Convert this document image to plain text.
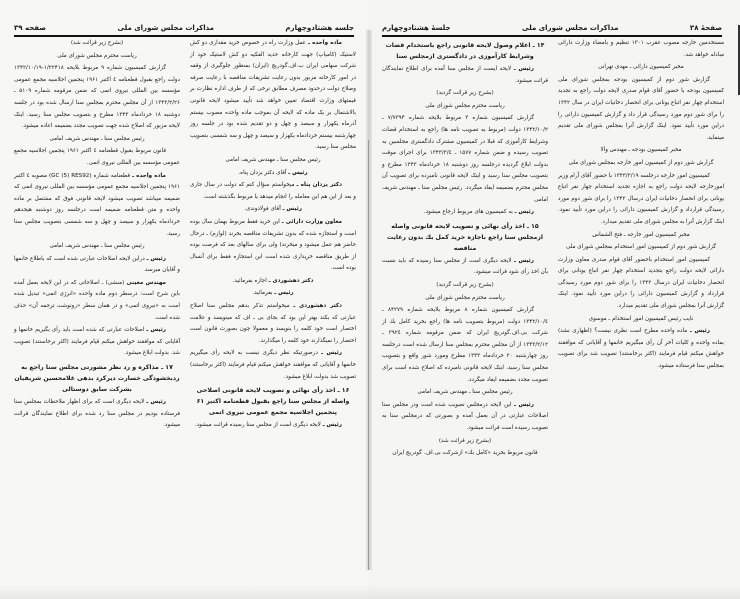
جلسه هشتادوچهارم
مذاکرات مجلس شورای ملی
صفحه ۳۹

ماده واحده ـ عمل وزارت راه در خصوص خرید مقداری دو کش لاستیک (کامیاپ) جهت کارخانه حدید الفکیه دو کش لاستیک خود از شرکت سهامی ایران ب.اف.گودریچ (ایران) بمنظور جلوگیری از وقفه در امور کارخانه مزبور بدون رعایت تشریفات مناقصه با رعایت صرفه وصلاح دولت درحدود مصرف مطابق نرخی که از طرف اداره نظارت بر قیمتهای وزارت اقتصاد تعیین خواهد شد تأیید میشود لایحه قانونی بالاشتمال بر یک ماده که لایحه آن بموجب ماده واحده مصوب بیستم آذرماه یکهزار و سیصد و چهل و دو تقدیم شده بود در جلسه روز چهارشنبه بیستم خردادماه یکهزار و سیصد و چهل و سه شمسی بتصویب مجلس سنا رسید.

رئیس مجلس سنا ـ مهندس شریف امامی

رئیس ـ آقای دکتر یزدان پناه.

دکتر یزدان پناه ـ میخواستم سؤال کنم که دولت در سال جاری و بعد از این هم این معامله را انجام میدهد یا مربوط بگذشته است.

رئیس ـ آقای فولادوندی.

معاون وزارت دارائی ـ این خرید فقط مربوط بهمان سال بوده است و استجازه شده که بدون تشریفات مناقصه بخرند (لوازم) ـ درحال حاضر هم عمل میشود و میخرند) ولی برای سالهای بعد که فرصت بوده از طریق مناقصه خریداری شده است این استجازه فقط برای آنسال بوده است.

دکتر دهشوردی ـ اجازه بفرمائید.

رئیس ـ بفرمائید.

دکتر دهشوردی ـ میخواستم تذکر بدهم مجلس سنا اصلاح عبارتی که بکند بهتر این بود که بجای بی ـ اف که مینویسد و علامت اختصار است خود کلمه را بنویسد و معمولا چون بصورت قانون است اختصار را نمیگذارند خود کلمه را میگذارند.

رئیس ـ درصورتیکه نظر دیگری نیست به لایحه رأی میگیریم خانمها و آقایانی که موافقند خواهش میکنم قیام فرمایند (اکثر برخاستند) تصویب شد بدولت ابلاغ میشود.

۱۶ ـ اخذ رأی نهائی و تصویب لایحه قانونی اصلاحی واصله از مجلس سنا راجع بقبول قطعنامه اکتبر ۶۱ پنجمین اجلاسیه مجمع عمومی نیروی اتمی

رئیس ـ لایحه دیگری است از مجلس سنا رسیده قرائت میشود.

(بشرح زیر قرائت شد)

ریاست محترم مجلس شورای ملی

گزارش کمیسیون شماره ۹ مربوط بلایحه ۱/۲۲۴۱۸-۱۳۴۲/۱۰/۱۹ دولت راجع بقبول قطعنامه ٤ اکتبر ۱۹۶۱ پنجمین اجلاسیه مجمع عمومی مؤسسه بین المللی نیروی اتمی که ضمن مرقومه شماره ۵۱۰۹ ـ ۱۳۴۳/۲/۲۶ از آن مجلس محترم بمجلس سنا ارسال شده بود در جلسه دوشنبه ۱۸ خردادماه ۱۳۴۳ مطرح و بتصویب مجلس سنا رسید. اینک لایحه مزبور که اصلاح شده جهت تصویب مجدد بضمیمه اعاده میشود.

رئیس مجلس سنا ـ مهندس شریف امامی

قانون مربوط بقبول قطعنامه ٤ اکتبر ۱۹۶۱ پنجمین اجلاسیه مجمع عمومی مؤسسه بین المللی نیروی اتمی.

ماده واحده ـ قطعنامه شماره (GC (5) RES92) مصوبه ٤ اکتبر ۱۹۶۱ پنجمین اجلاسیه مجمع عمومی مؤسسه بین المللی نیروی اتمی که ضمیمه میباشد تصویب میشود لایحه قانونی فوق که مشتمل بر ماده واحده و متن قطعنامه ضمیمه است درجلسه روز دوشنبه هیجدهم خردادماه یکهزار و سیصد و چهل و سه شمسی بتصویب مجلس سنا رسید.

رئیس مجلس سنا ـ مهندس شریف امامی

رئیس ـ دراین لایحه اصلاحات عبارتی شده است که باطلاع خانمها و آقایان میرسد.

مهندس معینی (منشی) ـ اصلاحاتی که در این لایحه بعمل آمده باین شرح است: درسطر دوم ماده واحده «انرژی اتمی» تبدیل شده است به «نیروی اتمی» و در همان سطر «رونوشت ترجمه آن» حذف شده است.

رئیس ـ اصلاحات عبارتی که شده است باید رأی بگیریم خانمها و آقایانی که موافقند خواهش میکنم قیام فرمایند (اکثر برخاستند) تصویب شد. بدولت ابلاغ میشود.

۱۷ ـ مذاکره و رد نظر مشورتی مجلس سنا راجع به ردبخشودگی خسارت دیرکرد بدهی غلامحسین شریفیان بشرکت سابق دوستالی

رئیس ـ لایحه دیگری است که برای اظهار ملاحظات بمجلس سنا فرستاده بودیم در مجلس سنا رد شده برای اطلاع نمایندگان قرائت میشود.

صفحهٔ ۳۸
مذاکرات مجلس شورای ملی
جلسهٔ هشتادوچهارم

مستخدمین خارجه مصوب عقرب ۱۳۰۱ تنظیم و بامضاء وزارت دارائی مبادله خواهد شد.

مخبر کمیسیون دارائی ـ مهدی تهرانی

گزارش شور دوم از کمیسیون بودجه بمجلس شورای ملی کمیسیون بودجه با حضور آقای قوام صدری لایحه دولت راجع به تجدید استخدام چهار نفر اتباع یونانی برای انحصار دخانیات ایران در سال ۱۳۴۲ را برای شور دوم مورد رسیدگی قرار داد و گزارش کمیسیون دارائی را دراین مورد تأیید نمود. اینک گزارش آنرا بمجلس شورای ملی تقدیم مینماید.

مخبر کمیسیون بودجه ـ مهندس والا

گزارش شور دوم از کمیسیون امور خارجه بمجلس شورای ملی

کمیسیون امور خارجه درجلسه ۱۳۴۳/۳/۱۹ با حضور آقای آرام وزیر امورخارجه لایحه دولت راجع به اجازه تجدید استخدام چهار نفر اتباع یونانی برای انحصار دخانیات ایران درسال ۱۳۴۲ را برای شور دوم مورد رسیدگی قرارداد و گزارش کمیسیون دارائی را دراین مورد تأیید نمود. اینک گزارش آنرا به مجلس شورای ملی تقدیم میدارد.

مخبر کمیسیون امور خارجه ـ فتح الشماس

گزارش شور دوم از کمیسیون امور استخدام بمجلس شورای ملی

کمیسیون امور استخدام باحضور آقای قوام صدری معاون وزارت دارائی لایحه دولت راجع بتجدید استخدام چهار نفر اتباع یونانی برای انحصار دخانیات ایران درسال ۱۳۴۲ را برای شور دوم مورد رسیدگی قرارداد و گزارش کمیسیون دارائی را دراین مورد تأیید نمود. اینک گزارش آنرا بمجلس شورای ملی تقدیم میدارد.

نایب رئیس کمیسیون امور استخدام ـ موسوی

رئیس ـ ماده واحده مطرح است نظری نیست؟ (اظهاری نشد) بماده واحده و کلیات آخر آن رأی میگیریم خانمها و آقایانی که موافقند خواهش میکنم قیام فرمایند (اکثر برخاستند) تصویب شد برای تصویب بمجلس سنا فرستاده میشود.

۱۴ ـ اعلام وصول لایحه قانونی راجع باستخدام قضات وشرایط کارآموزی در دادگستری ازمجلس سنا

رئیس ـ لایحه ایست از مجلس سنا آمده برای اطلاع نمایندگان قرائت میشود.

(بشرح زیر قرائت گردید)

ریاست محترم مجلس شورای ملی

گزارش کمیسیون شماره ۳ مربوط بلایحه شماره ۷/۷۳۹۴ ـ ۱۳۴۲/۱۰/۲ دولت (مربوط به تصویب نامه ها) راجع به استخدام قضات وشرایط کارآموزی که قبلا در کمیسیون مشترک دادگستری مجلسین به تصویب رسیده و ضمن شماره ۱۵۷۷ ـ ۱۳۴۳/۳/٤ برای اجرای موقت بدولت ابلاغ گردیده درجلسه روز دوشنبه ۱۸ خردادماه ۱۳۴۳ مطرح و بتصویب مجلس سنا رسید و اینک لایحه قانونی نامبرده برای تصویب آن مجلس محترم بضمیمه ایفاد میگردد. رئیس مجلس سنا ـ مهندس شریف امامی

رئیس ـ به کمیسیون های مربوط ارجاع میشود.

۱۵ ـ اخذ رأی نهائی و تصویب لایحه قانونی واصله ازمجلس سنا راجع باجازه خرید کمل بك بدون رعایت مناقصه

رئیس ـ لایحه دیگری است از مجلس سنا رسیده که باید نسبت بآن اخذ رأی شود قرائت میشود.

(بشرح زیر قرائت گردید)

ریاست محترم مجلس شورای ملی

گزارش کمیسیون شماره ۸ مربوط بلایحه شماره ۸۴۲۷۹ ـ ۱۳۴۲/۱۰/٤ دولت (مربوط بتصویب نامه ها) راجع بخرید کامل بك از شرکت بی.اف.گودریچ ایران که ضمن مرقومه شماره ۳۹۲٤ ـ ۱۳۴۳/۲/۱۲ از آن مجلس محترم بمجلس سنا ارسال شده است درجلسه روز چهارشنبه ۲۰ خردادماه ۱۳۴۳ مطرح ومورد شور واقع و بتصویب مجلس سنا رسید. اینک لایحه قانونی نامبرده که اصلاح شده است برای تصویب مجدد بضمیمه ایفاد میگردد.

رئیس مجلس سنا ـ مهندس شریف امامی

رئیس ـ این لایحه درمجلس تصویب شده است ودر مجلس سنا اصلاحات عبارتی در آن بعمل آمده و بصورتی که درمجلس سنا به تصویب رسیده است قرائت میشود.

(بشرح زیر قرائت شد)

قانون مربوط بخرید «کامل بك» ازشرکت بی.اف. گودریچ ایران
